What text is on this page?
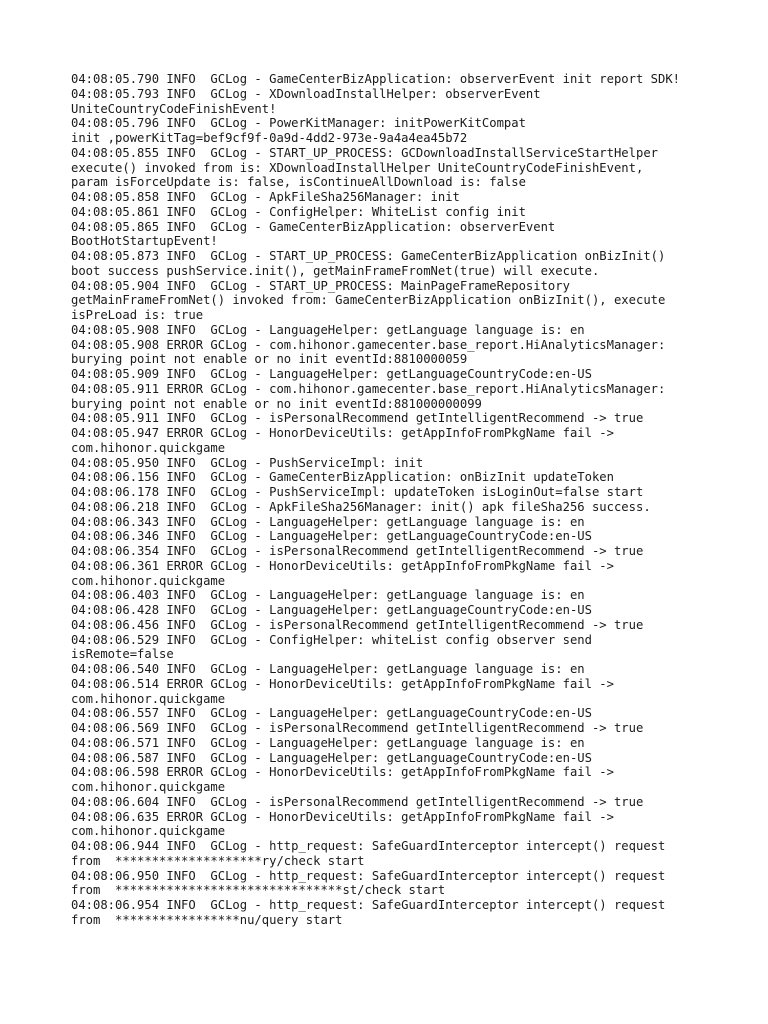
04:08:05.790 INFO  GCLog - GameCenterBizApplication: observerEvent init report SDK!
04:08:05.793 INFO  GCLog - XDownloadInstallHelper: observerEvent
UniteCountryCodeFinishEvent!
04:08:05.796 INFO  GCLog - PowerKitManager: initPowerKitCompat
init ,powerKitTag=bef9cf9f-0a9d-4dd2-973e-9a4a4ea45b72
04:08:05.855 INFO  GCLog - START_UP_PROCESS: GCDownloadInstallServiceStartHelper
execute() invoked from is: XDownloadInstallHelper UniteCountryCodeFinishEvent,
param isForceUpdate is: false, isContinueAllDownload is: false
04:08:05.858 INFO  GCLog - ApkFileSha256Manager: init
04:08:05.861 INFO  GCLog - ConfigHelper: WhiteList config init
04:08:05.865 INFO  GCLog - GameCenterBizApplication: observerEvent
BootHotStartupEvent!
04:08:05.873 INFO  GCLog - START_UP_PROCESS: GameCenterBizApplication onBizInit()
boot success pushService.init(), getMainFrameFromNet(true) will execute.
04:08:05.904 INFO  GCLog - START_UP_PROCESS: MainPageFrameRepository
getMainFrameFromNet() invoked from: GameCenterBizApplication onBizInit(), execute
isPreLoad is: true
04:08:05.908 INFO  GCLog - LanguageHelper: getLanguage language is: en
04:08:05.908 ERROR GCLog - com.hihonor.gamecenter.base_report.HiAnalyticsManager:
burying point not enable or no init eventId:8810000059
04:08:05.909 INFO  GCLog - LanguageHelper: getLanguageCountryCode:en-US
04:08:05.911 ERROR GCLog - com.hihonor.gamecenter.base_report.HiAnalyticsManager:
burying point not enable or no init eventId:881000000099
04:08:05.911 INFO  GCLog - isPersonalRecommend getIntelligentRecommend -> true
04:08:05.947 ERROR GCLog - HonorDeviceUtils: getAppInfoFromPkgName fail ->
com.hihonor.quickgame
04:08:05.950 INFO  GCLog - PushServiceImpl: init
04:08:06.156 INFO  GCLog - GameCenterBizApplication: onBizInit updateToken
04:08:06.178 INFO  GCLog - PushServiceImpl: updateToken isLoginOut=false start
04:08:06.218 INFO  GCLog - ApkFileSha256Manager: init() apk fileSha256 success.
04:08:06.343 INFO  GCLog - LanguageHelper: getLanguage language is: en
04:08:06.346 INFO  GCLog - LanguageHelper: getLanguageCountryCode:en-US
04:08:06.354 INFO  GCLog - isPersonalRecommend getIntelligentRecommend -> true
04:08:06.361 ERROR GCLog - HonorDeviceUtils: getAppInfoFromPkgName fail ->
com.hihonor.quickgame
04:08:06.403 INFO  GCLog - LanguageHelper: getLanguage language is: en
04:08:06.428 INFO  GCLog - LanguageHelper: getLanguageCountryCode:en-US
04:08:06.456 INFO  GCLog - isPersonalRecommend getIntelligentRecommend -> true
04:08:06.529 INFO  GCLog - ConfigHelper: whiteList config observer send
isRemote=false
04:08:06.540 INFO  GCLog - LanguageHelper: getLanguage language is: en
04:08:06.514 ERROR GCLog - HonorDeviceUtils: getAppInfoFromPkgName fail ->
com.hihonor.quickgame
04:08:06.557 INFO  GCLog - LanguageHelper: getLanguageCountryCode:en-US
04:08:06.569 INFO  GCLog - isPersonalRecommend getIntelligentRecommend -> true
04:08:06.571 INFO  GCLog - LanguageHelper: getLanguage language is: en
04:08:06.587 INFO  GCLog - LanguageHelper: getLanguageCountryCode:en-US
04:08:06.598 ERROR GCLog - HonorDeviceUtils: getAppInfoFromPkgName fail ->
com.hihonor.quickgame
04:08:06.604 INFO  GCLog - isPersonalRecommend getIntelligentRecommend -> true
04:08:06.635 ERROR GCLog - HonorDeviceUtils: getAppInfoFromPkgName fail ->
com.hihonor.quickgame
04:08:06.944 INFO  GCLog - http_request: SafeGuardInterceptor intercept() request
from  ********************ry/check start
04:08:06.950 INFO  GCLog - http_request: SafeGuardInterceptor intercept() request
from  *******************************st/check start
04:08:06.954 INFO  GCLog - http_request: SafeGuardInterceptor intercept() request
from  *****************nu/query start
